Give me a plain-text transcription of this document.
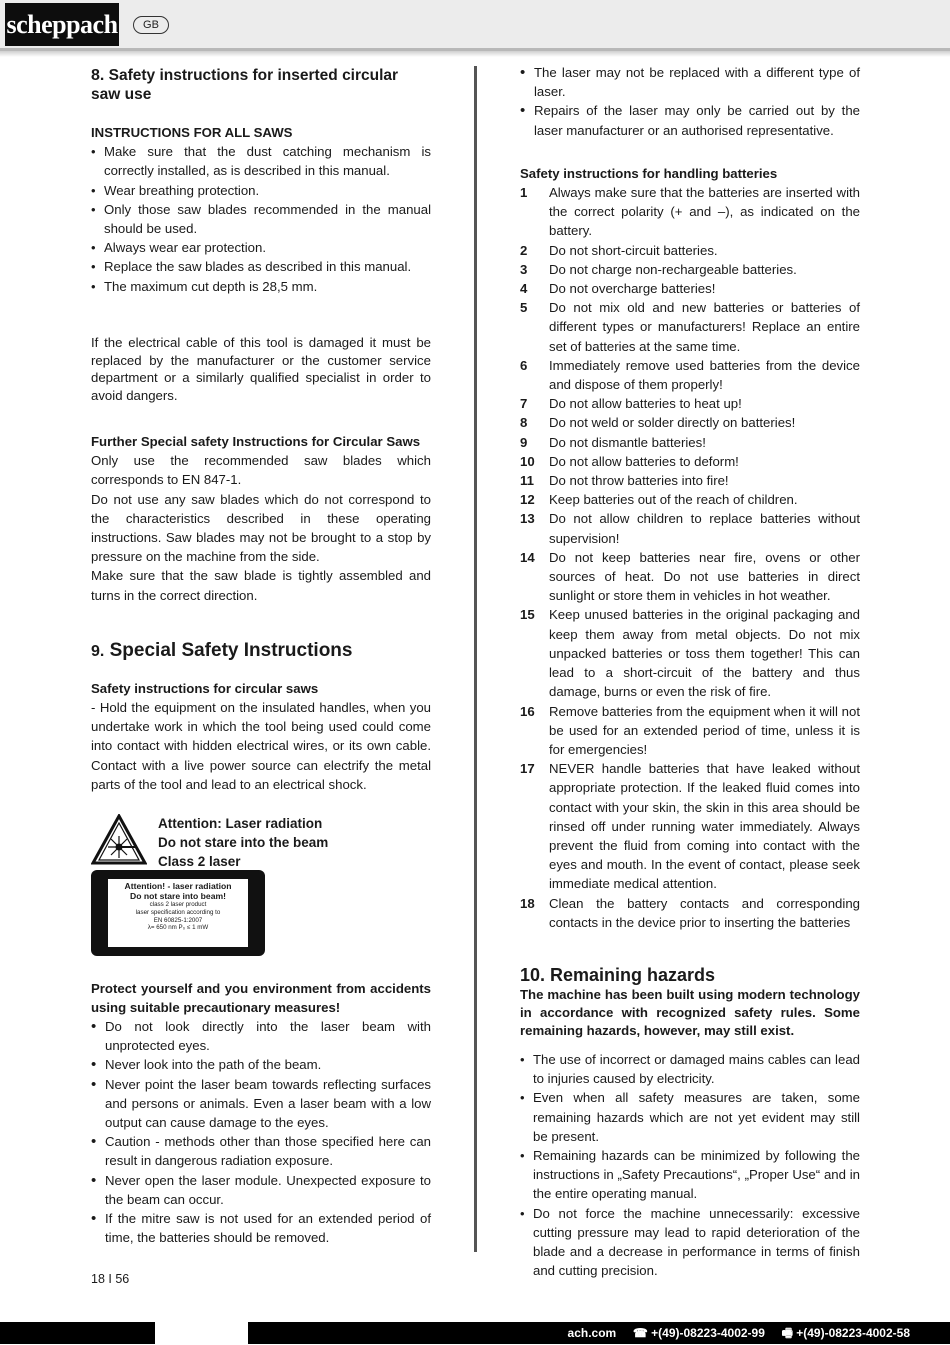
scheppach	GB
8. Safety instructions for inserted circular saw use
INSTRUCTIONS FOR ALL SAWS
• Make sure that the dust catching mechanism is correctly installed, as is described in this manual.
• Wear breathing protection.
• Only those saw blades recommended in the manual should be used.
• Always wear ear protection.
• Replace the saw blades as described in this manual.
• The maximum cut depth is 28,5 mm.

If the electrical cable of this tool is damaged it must be replaced by the manufacturer or the customer service department or a similarly qualified specialist in order to avoid dangers.

Further Special safety Instructions for Circular Saws

Only use the recommended saw blades which corresponds to EN 847-1.

Do not use any saw blades which do not correspond to the characteristics described in these operating instructions. Saw blades may not be brought to a stop by pressure on the machine from the side.

Make sure that the saw blade is tightly assembled and turns in the correct direction.

9. Special Safety Instructions
Safety instructions for circular saws

- Hold the equipment on the insulated handles, when you undertake work in which the tool being used could come into contact with hidden electrical wires, or its own cable. Contact with a live power source can electrify the metal parts of the tool and lead to an electrical shock.

Attention: Laser radiation
Do not stare into the beam
Class 2 laser
Attention! - laser radiation
Do not stare into beam!
class 2 laser product
laser specification according to
EN 60825-1:2007
λ= 650 nm P₀ ≤ 1 mW
Protect yourself and you environment from accidents using suitable precautionary measures!
• Do not look directly into the laser beam with unprotected eyes.
• Never look into the path of the beam.
• Never point the laser beam towards reflecting surfaces and persons or animals. Even a laser beam with a low output can cause damage to the eyes.
• Caution - methods other than those specified here can result in dangerous radiation exposure.
• Never open the laser module. Unexpected exposure to the beam can occur.
• If the mitre saw is not used for an extended period of time, the batteries should be removed.
• The laser may not be replaced with a different type of laser.
• Repairs of the laser may only be carried out by the laser manufacturer or an authorised representative.
Safety instructions for handling batteries
1 Always make sure that the batteries are inserted with the correct polarity (+ and –), as indicated on the battery.
2 Do not short-circuit batteries.
3 Do not charge non-rechargeable batteries.
4 Do not overcharge batteries!
5 Do not mix old and new batteries or batteries of different types or manufacturers! Replace an entire set of batteries at the same time.
6 Immediately remove used batteries from the device and dispose of them properly!
7 Do not allow batteries to heat up!
8 Do not weld or solder directly on batteries!
9 Do not dismantle batteries!
10 Do not allow batteries to deform!
11 Do not throw batteries into fire!
12 Keep batteries out of the reach of children.
13 Do not allow children to replace batteries without supervision!
14 Do not keep batteries near fire, ovens or other sources of heat. Do not use batteries in direct sunlight or store them in vehicles in hot weather.
15 Keep unused batteries in the original packaging and keep them away from metal objects. Do not mix unpacked batteries or toss them together! This can lead to a short-circuit of the battery and thus damage, burns or even the risk of fire.
16 Remove batteries from the equipment when it will not be used for an extended period of time, unless it is for emergencies!
17 NEVER handle batteries that have leaked without appropriate protection. If the leaked fluid comes into contact with your skin, the skin in this area should be rinsed off under running water immediately. Always prevent the fluid from coming into contact with the eyes and mouth. In the event of contact, please seek immediate medical attention.
18 Clean the battery contacts and corresponding contacts in the device prior to inserting the batteries
10. Remaining hazards
The machine has been built using modern technology in accordance with recognized safety rules. Some remaining hazards, however, may still exist.
• The use of incorrect or damaged mains cables can lead to injuries caused by electricity.
• Even when all safety measures are taken, some remaining hazards which are not yet evident may still be present.
• Remaining hazards can be minimized by following the instructions in „Safety Precautions“, „Proper Use“ and in the entire operating manual.
• Do not force the machine unnecessarily: excessive cutting pressure may lead to rapid deterioration of the blade and a decrease in performance in terms of finish and cutting precision.
18 I 56
ach.com ☎ +(49)-08223-4002-99 🖷 +(49)-08223-4002-58
